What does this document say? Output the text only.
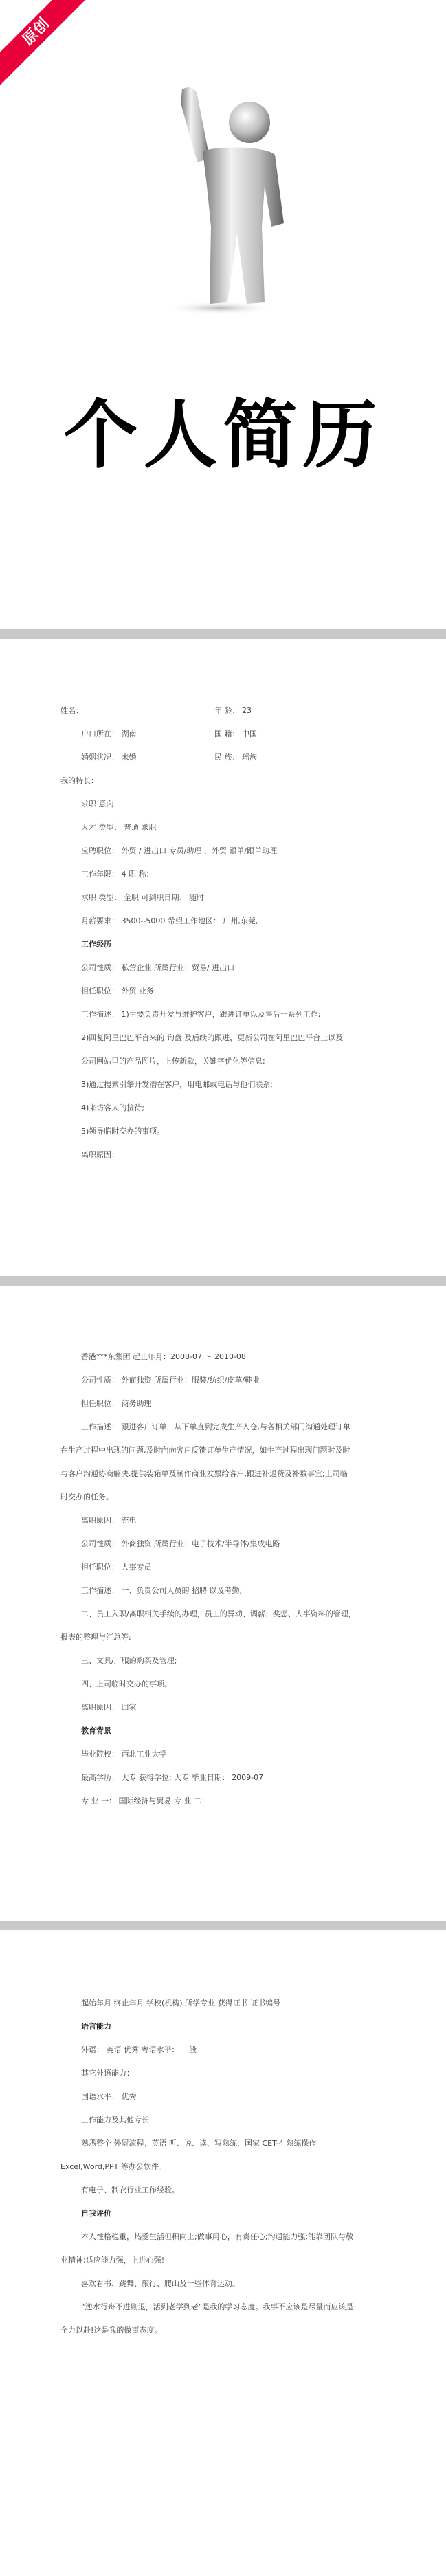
原创
个人简历
姓名：	年 龄： 23
户口所在： 湖南	国 籍： 中国
婚姻状况： 未婚	民 族： 瑶族
我的特长：
求职 意向
人才 类型： 普通 求职
应聘职位： 外贸 / 进出口 专员/助理 ，外贸 跟单/跟单助理
工作年限： 4 职 称：
求职 类型： 全职 可到职日期： 随时
月薪要求： 3500--5000 希望工作地区： 广州,东莞,
工作经历
公司性质： 私营企业 所属行业：贸易/ 进出口
担任职位： 外贸 业务
工作描述： 1)主要负责开发与维护客户，跟进订单以及售后一系列工作;
2)回复阿里巴巴平台来的 询盘 及后续的跟进，更新公司在阿里巴巴平台上以及
公司网站里的产品图片，上传新款，关键字优化等信息;
3)通过搜索引擎开发潜在客户，用电邮或电话与他们联系;
4)来访客人的接待;
5)领导临时交办的事项。
离职原因：
香港***东集团 起止年月：2008-07 ～ 2010-08
公司性质： 外商独资 所属行业：服装/纺织/皮革/鞋业
担任职位： 商务助理
工作描述： 跟进客户订单，从下单直到完成生产入仓,与各相关部门沟通处理订单
在生产过程中出现的问题,及时向向客户反馈订单生产情况，如生产过程出现问题时及时
与客户沟通协商解决.提供装箱单及制作商业发票给客户,跟进补退货及补数事宜;上司临
时交办的任务。
离职原因： 充电
公司性质： 外商独资 所属行业：电子技术/半导体/集成电路
担任职位： 人事专员
工作描述： 一、负责公司人员的 招聘 以及考勤;
二、员工入职/离职相关手续的办理，员工的异动、调薪、奖惩、人事资料的管理，
报表的整理与汇总等;
三、文具/厂服的购买及管理;
四、上司临时交办的事项。
离职原因： 回家
教育背景
毕业院校： 西北工业大学
最高学历： 大专 获得学位: 大专 毕业日期： 2009-07
专 业 一： 国际经济与贸易 专 业 二：
起始年月 终止年月 学校(机构) 所学专业 获得证书 证书编号
语言能力
外语： 英语 优秀 粤语水平： 一般
其它外语能力：
国语水平： 优秀
工作能力及其他专长
熟悉整个 外贸流程；英语 听、说、读、写熟练，国家 CET-4 熟练操作
Excel,Word,PPT 等办公软件。
有电子、制衣行业工作经验。
自我评价
本人性格稳重，热爱生活但积向上;做事用心，有责任心;沟通能力强;能靠团队与敬
业精神;适应能力强，上进心强!
喜欢看书、跳舞、旅行、爬山及一些体育运动。
“逆水行舟不进则退，活到老学到老”是我的学习态度。我事不应该是尽量而应该是
全力以赴!这是我的做事态度。
